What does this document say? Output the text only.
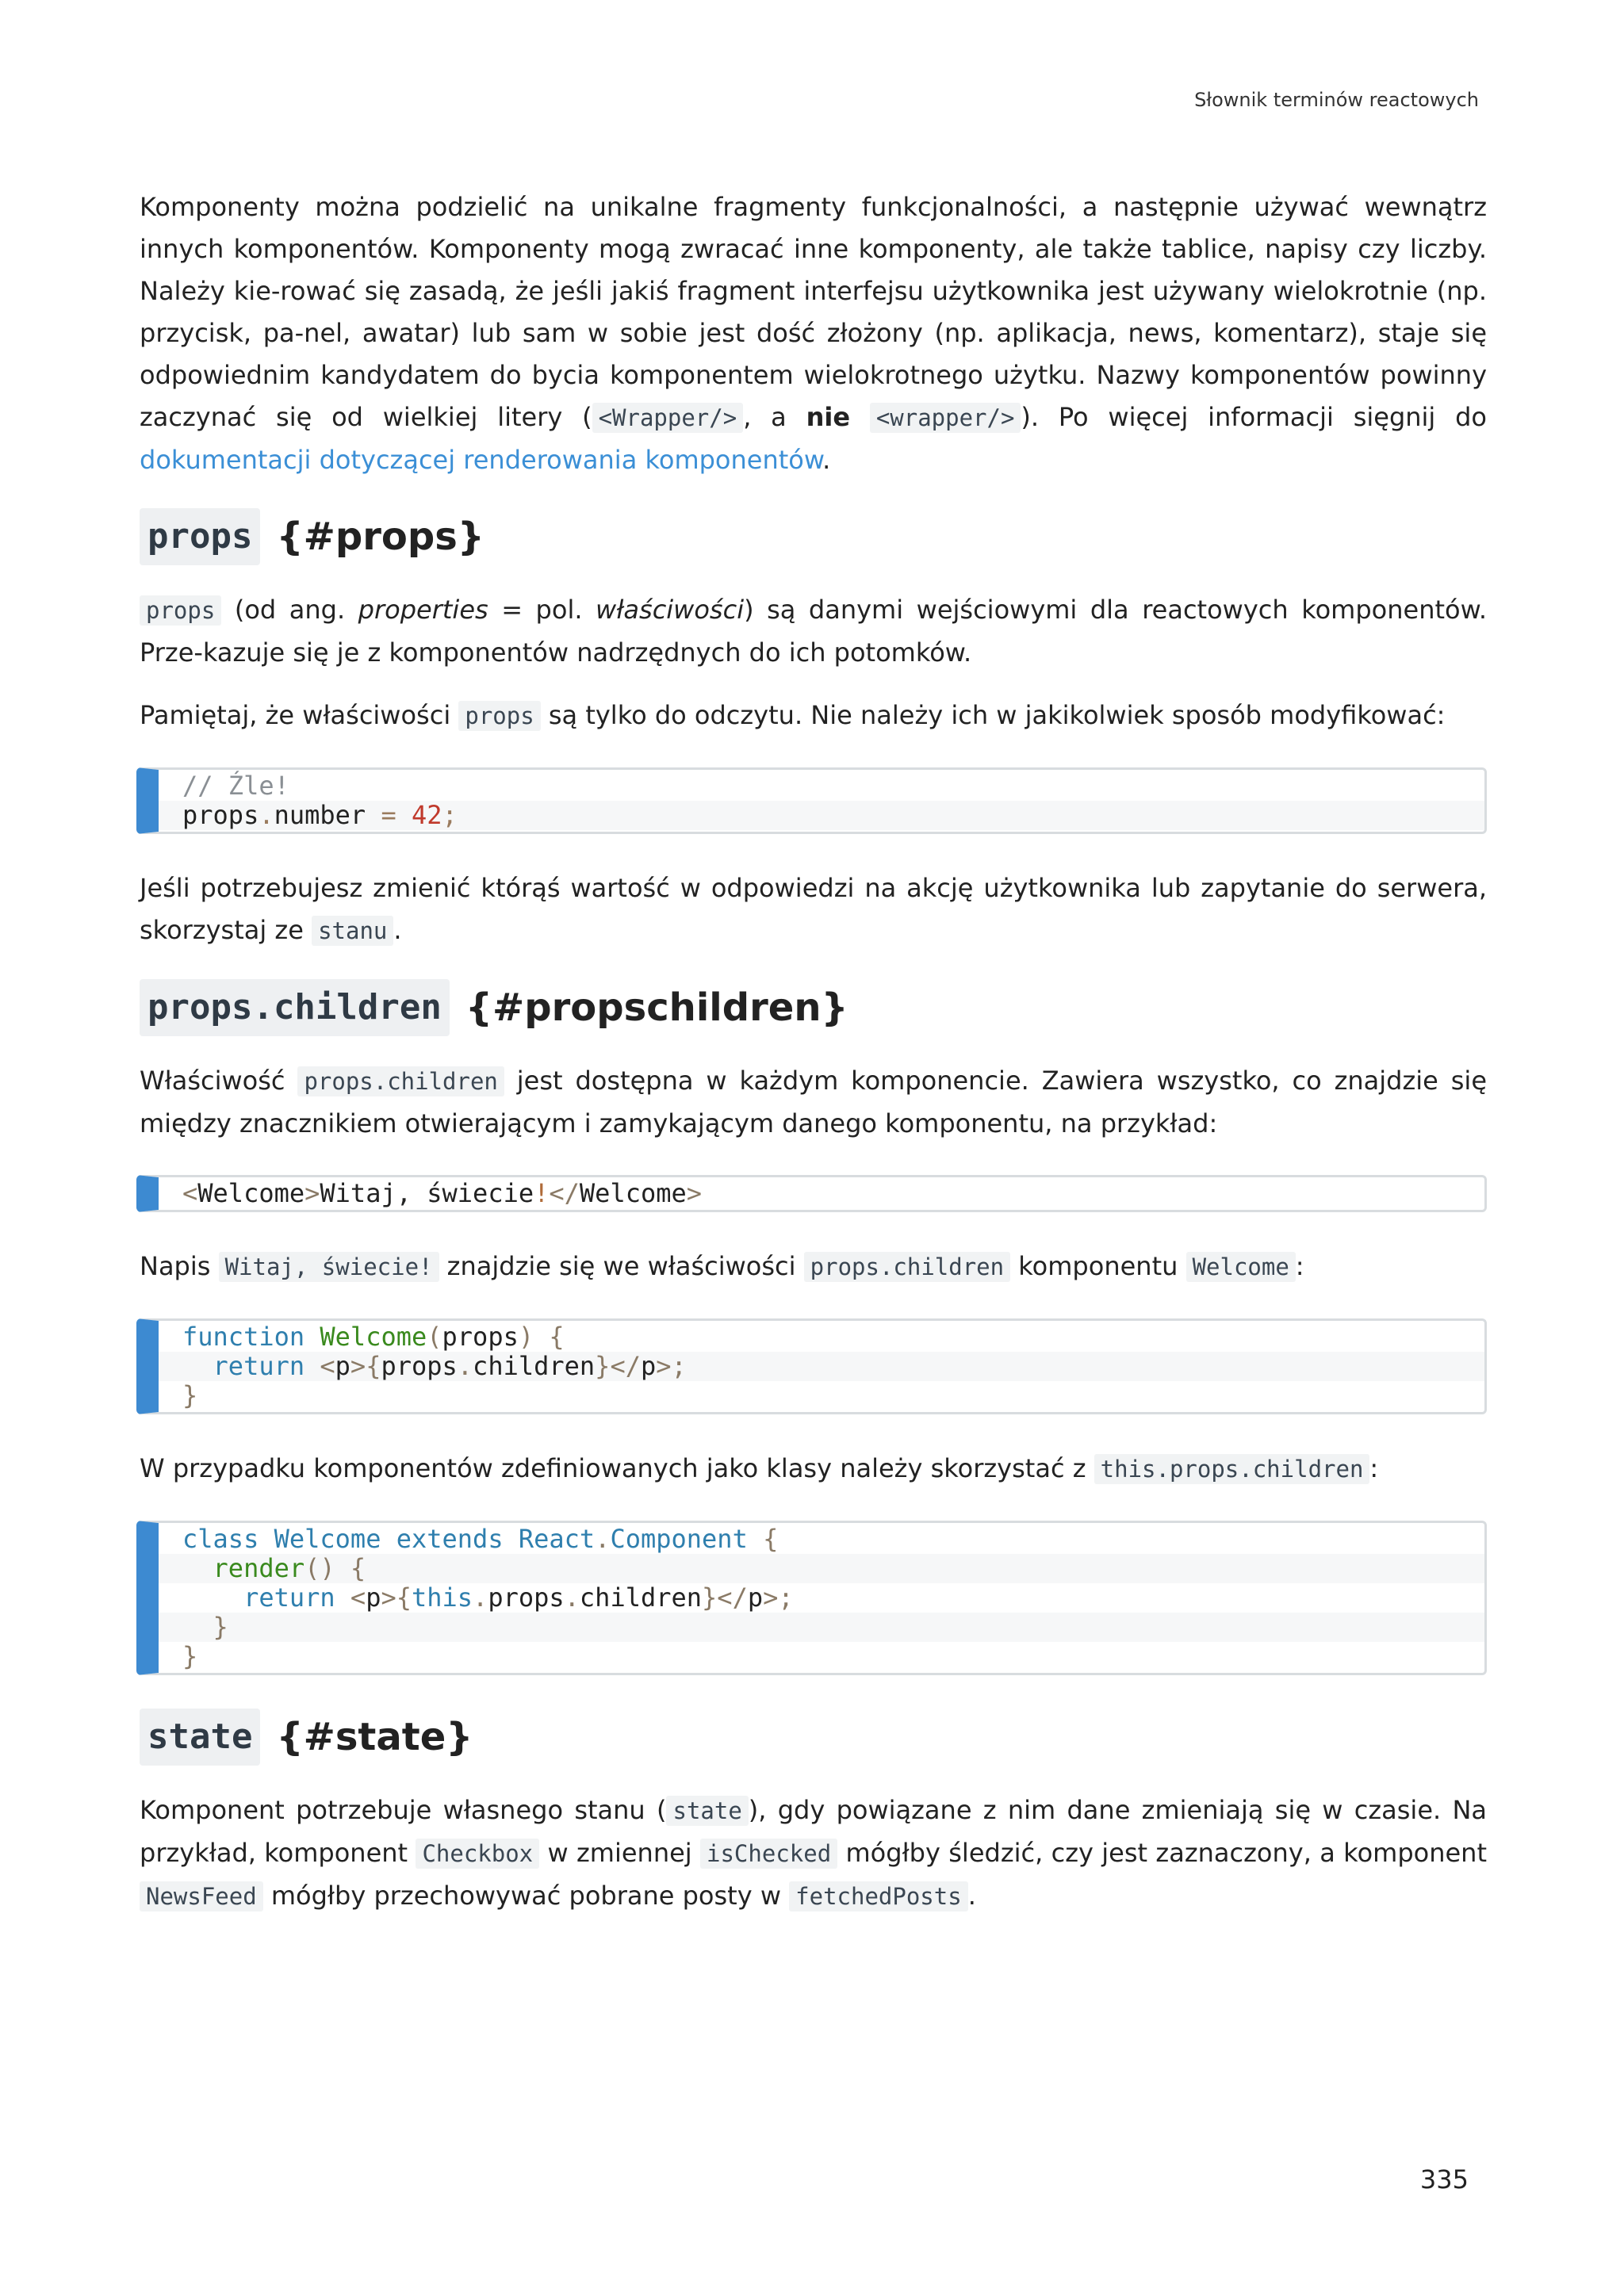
Słownik terminów reactowych

Komponenty można podzielić na unikalne fragmenty funkcjonalności, a następnie używać wewnątrz innych komponentów. Komponenty mogą zwracać inne komponenty, ale także tablice, napisy czy liczby. Należy kie-rować się zasadą, że jeśli jakiś fragment interfejsu użytkownika jest używany wielokrotnie (np. przycisk, pa-nel, awatar) lub sam w sobie jest dość złożony (np. aplikacja, news, komentarz), staje się odpowiednim kandydatem do bycia komponentem wielokrotnego użytku. Nazwy komponentów powinny zaczynać się od wielkiej litery ( <Wrapper/> , a nie <wrapper/> ). Po więcej informacji sięgnij do dokumentacji dotyczącej renderowania komponentów.

props {#props}

props (od ang. properties = pol. właściwości) są danymi wejściowymi dla reactowych komponentów. Prze-kazuje się je z komponentów nadrzędnych do ich potomków.

Pamiętaj, że właściwości props są tylko do odczytu. Nie należy ich w jakikolwiek sposób modyfikować:

// Źle!
props.number = 42;

Jeśli potrzebujesz zmienić którąś wartość w odpowiedzi na akcję użytkownika lub zapytanie do serwera, skorzystaj ze stanu .

props.children {#propschildren}

Właściwość props.children jest dostępna w każdym komponencie. Zawiera wszystko, co znajdzie się między znacznikiem otwierającym i zamykającym danego komponentu, na przykład:

<Welcome>Witaj, świecie!</Welcome>

Napis Witaj, świecie! znajdzie się we właściwości props.children komponentu Welcome :

function Welcome(props) {
return <p>{props.children}</p>;
}

W przypadku komponentów zdefiniowanych jako klasy należy skorzystać z this.props.children :

class Welcome extends React.Component {
render() {
return <p>{this.props.children}</p>;
}
}
state {#state}

Komponent potrzebuje własnego stanu ( state ), gdy powiązane z nim dane zmieniają się w czasie. Na przykład, komponent Checkbox w zmiennej isChecked mógłby śledzić, czy jest zaznaczony, a komponent NewsFeed mógłby przechowywać pobrane posty w fetchedPosts .

335
